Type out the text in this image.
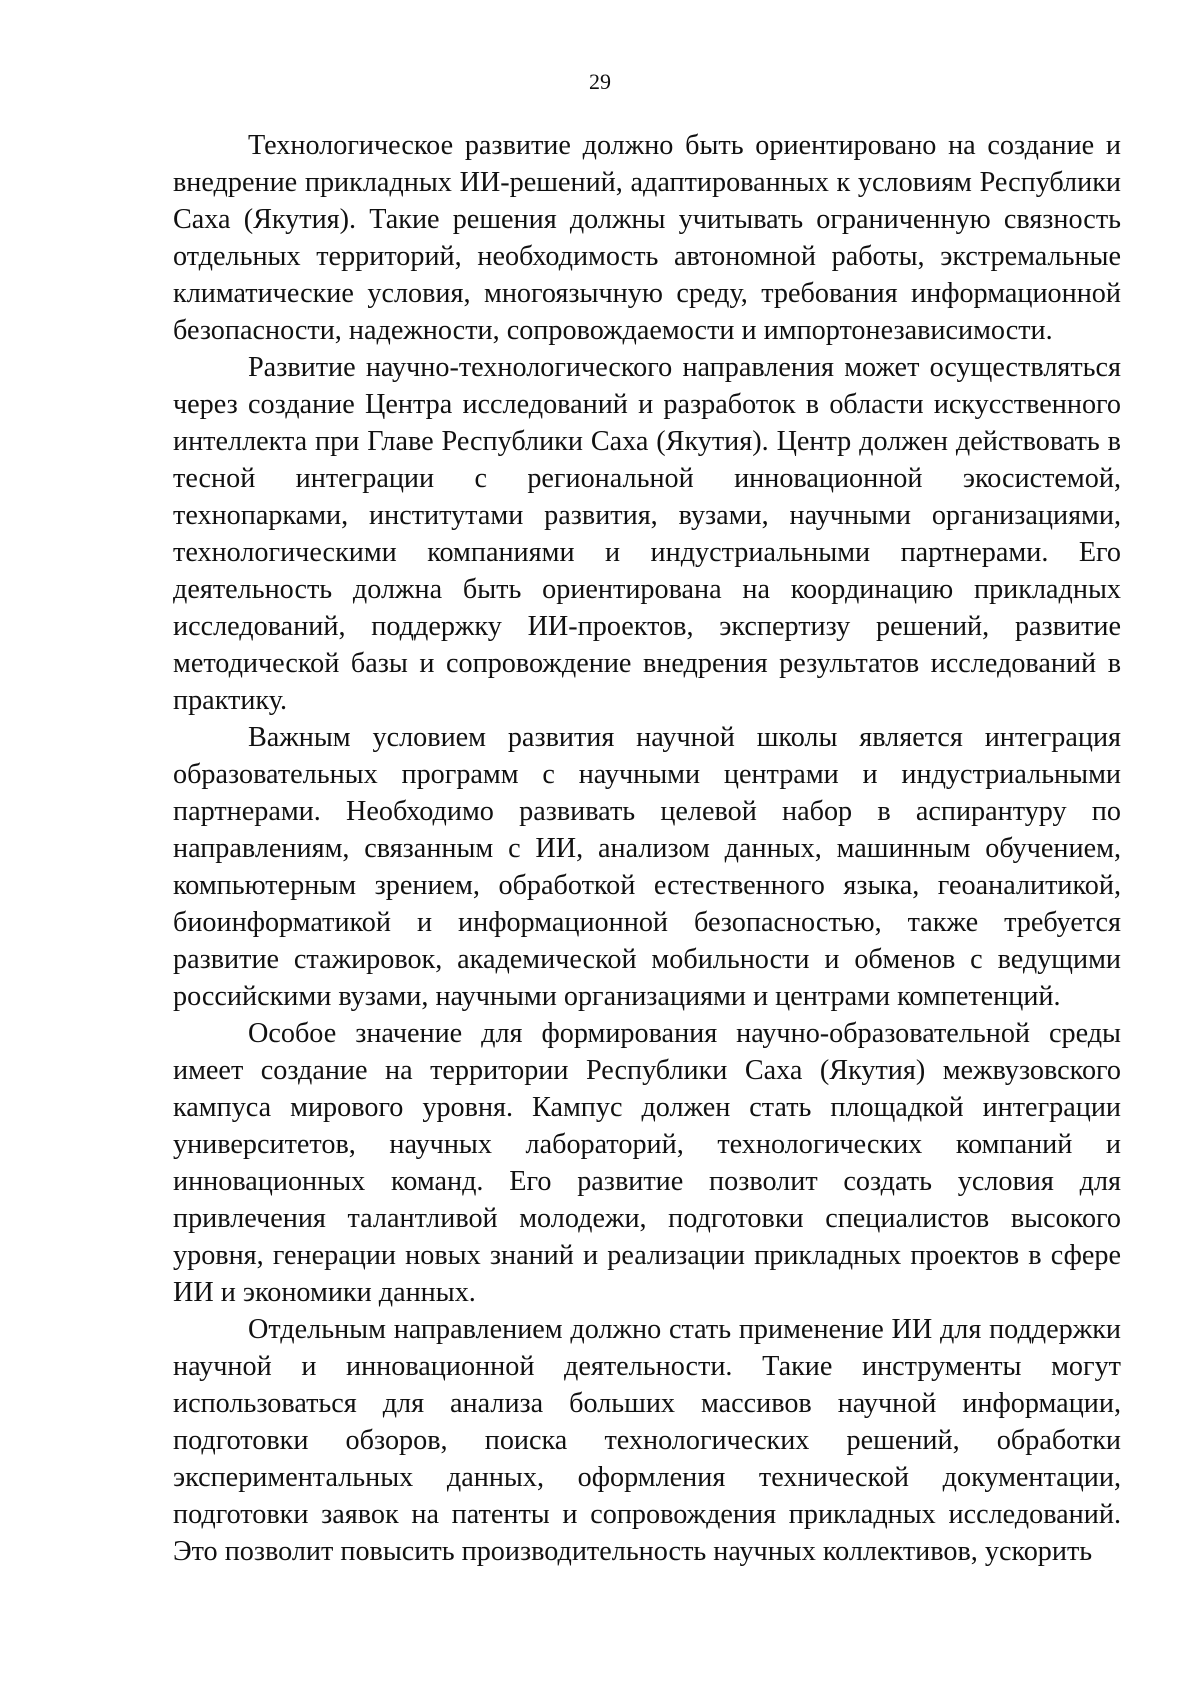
29

Технологическое развитие должно быть ориентировано на создание и внедрение прикладных ИИ-решений, адаптированных к условиям Республики Саха (Якутия). Такие решения должны учитывать ограниченную связность отдельных территорий, необходимость автономной работы, экстремальные климатические условия, многоязычную среду, требования информационной безопасности, надежности, сопровождаемости и импортонезависимости.

Развитие научно-технологического направления может осуществляться через создание Центра исследований и разработок в области искусственного интеллекта при Главе Республики Саха (Якутия). Центр должен действовать в тесной интеграции с региональной инновационной экосистемой, технопарками, институтами развития, вузами, научными организациями, технологическими компаниями и индустриальными партнерами. Его деятельность должна быть ориентирована на координацию прикладных исследований, поддержку ИИ-проектов, экспертизу решений, развитие методической базы и сопровождение внедрения результатов исследований в практику.

Важным условием развития научной школы является интеграция образовательных программ с научными центрами и индустриальными партнерами. Необходимо развивать целевой набор в аспирантуру по направлениям, связанным с ИИ, анализом данных, машинным обучением, компьютерным зрением, обработкой естественного языка, геоаналитикой, биоинформатикой и информационной безопасностью, также требуется развитие стажировок, академической мобильности и обменов с ведущими российскими вузами, научными организациями и центрами компетенций.

Особое значение для формирования научно-образовательной среды имеет создание на территории Республики Саха (Якутия) межвузовского кампуса мирового уровня. Кампус должен стать площадкой интеграции университетов, научных лабораторий, технологических компаний и инновационных команд. Его развитие позволит создать условия для привлечения талантливой молодежи, подготовки специалистов высокого уровня, генерации новых знаний и реализации прикладных проектов в сфере ИИ и экономики данных.

Отдельным направлением должно стать применение ИИ для поддержки научной и инновационной деятельности. Такие инструменты могут использоваться для анализа больших массивов научной информации, подготовки обзоров, поиска технологических решений, обработки экспериментальных данных, оформления технической документации, подготовки заявок на патенты и сопровождения прикладных исследований. Это позволит повысить производительность научных коллективов, ускорить
